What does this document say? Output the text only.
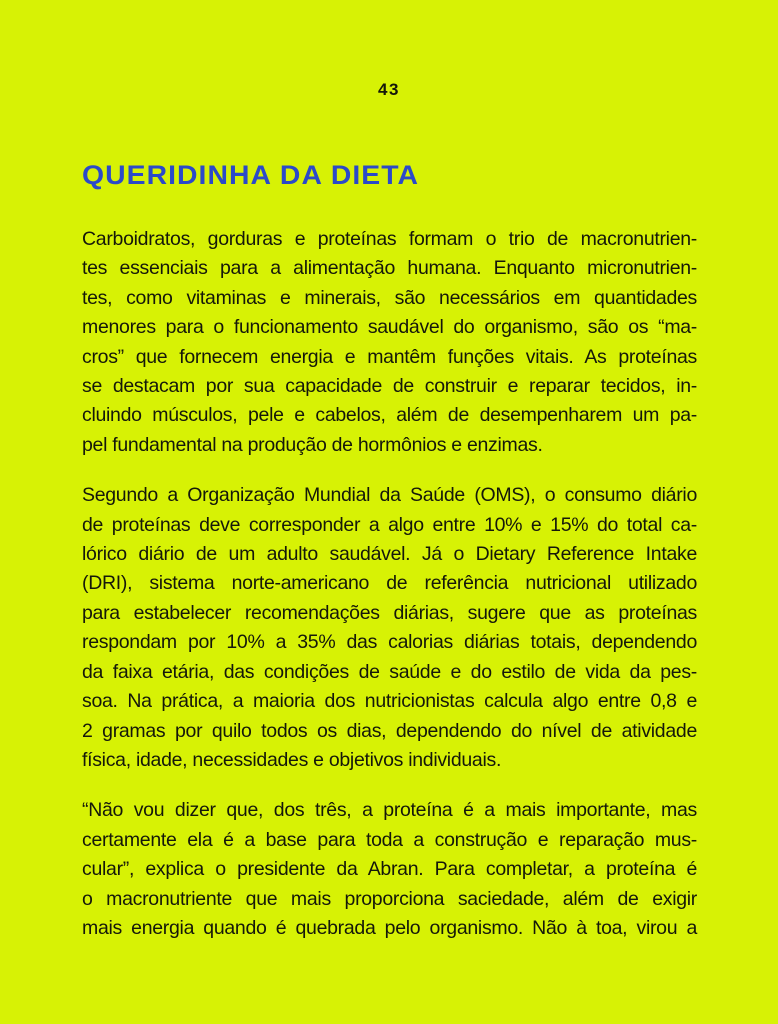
43
QUERIDINHA DA DIETA
Carboidratos, gorduras e proteínas formam o trio de macronutrien-
tes essenciais para a alimentação humana. Enquanto micronutrien-
tes, como vitaminas e minerais, são necessários em quantidades
menores para o funcionamento saudável do organismo, são os “ma-
cros” que fornecem energia e mantêm funções vitais. As proteínas
se destacam por sua capacidade de construir e reparar tecidos, in-
cluindo músculos, pele e cabelos, além de desempenharem um pa-
pel fundamental na produção de hormônios e enzimas.
Segundo a Organização Mundial da Saúde (OMS), o consumo diário
de proteínas deve corresponder a algo entre 10% e 15% do total ca-
lórico diário de um adulto saudável. Já o Dietary Reference Intake
(DRI), sistema norte-americano de referência nutricional utilizado
para estabelecer recomendações diárias, sugere que as proteínas
respondam por 10% a 35% das calorias diárias totais, dependendo
da faixa etária, das condições de saúde e do estilo de vida da pes-
soa. Na prática, a maioria dos nutricionistas calcula algo entre 0,8 e
2 gramas por quilo todos os dias, dependendo do nível de atividade
física, idade, necessidades e objetivos individuais.
“Não vou dizer que, dos três, a proteína é a mais importante, mas
certamente ela é a base para toda a construção e reparação mus-
cular”, explica o presidente da Abran. Para completar, a proteína é
o macronutriente que mais proporciona saciedade, além de exigir
mais energia quando é quebrada pelo organismo. Não à toa, virou a
